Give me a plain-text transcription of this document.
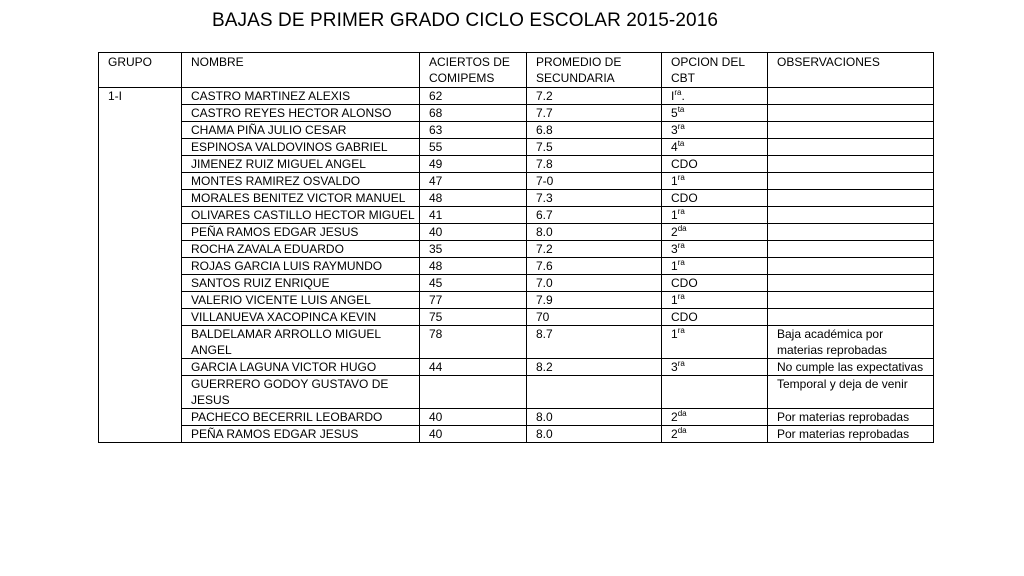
BAJAS DE PRIMER GRADO CICLO ESCOLAR 2015-2016
GRUPO	NOMBRE	ACIERTOS DE COMIPEMS	PROMEDIO DE SECUNDARIA	OPCION DEL CBT	OBSERVACIONES
1-I	CASTRO MARTINEZ ALEXIS	62	7.2	$I^{ra}$.	
	CASTRO REYES HECTOR ALONSO	68	7.7	$5^{ta}$	
	CHAMA PIÑA JULIO CESAR	63	6.8	$3^{ra}$	
	ESPINOSA VALDOVINOS GABRIEL	55	7.5	$4^{ta}$	
	JIMENEZ RUIZ MIGUEL ANGEL	49	7.8	CDO	
	MONTES RAMIREZ OSVALDO	47	7-0	$1^{ra}$	
	MORALES BENITEZ VICTOR MANUEL	48	7.3	CDO	
	OLIVARES CASTILLO HECTOR MIGUEL	41	6.7	$1^{ra}$	
	PEÑA RAMOS EDGAR JESUS	40	8.0	$2^{da}$	
	ROCHA ZAVALA EDUARDO	35	7.2	$3^{ra}$	
	ROJAS GARCIA LUIS RAYMUNDO	48	7.6	$1^{ra}$	
	SANTOS RUIZ ENRIQUE	45	7.0	CDO	
	VALERIO VICENTE LUIS ANGEL	77	7.9	$1^{ra}$	
	VILLANUEVA XACOPINCA KEVIN	75	70	CDO	
	BALDELAMAR ARROLLO MIGUEL ANGEL	78	8.7	$1^{ra}$	Baja académica por materias reprobadas
	GARCIA LAGUNA VICTOR HUGO	44	8.2	$3^{ra}$	No cumple las expectativas
	GUERRERO GODOY GUSTAVO DE JESUS				Temporal y deja de venir
	PACHECO BECERRIL LEOBARDO	40	8.0	$2^{da}$	Por materias reprobadas
	PEÑA RAMOS EDGAR JESUS	40	8.0	$2^{da}$	Por materias reprobadas
